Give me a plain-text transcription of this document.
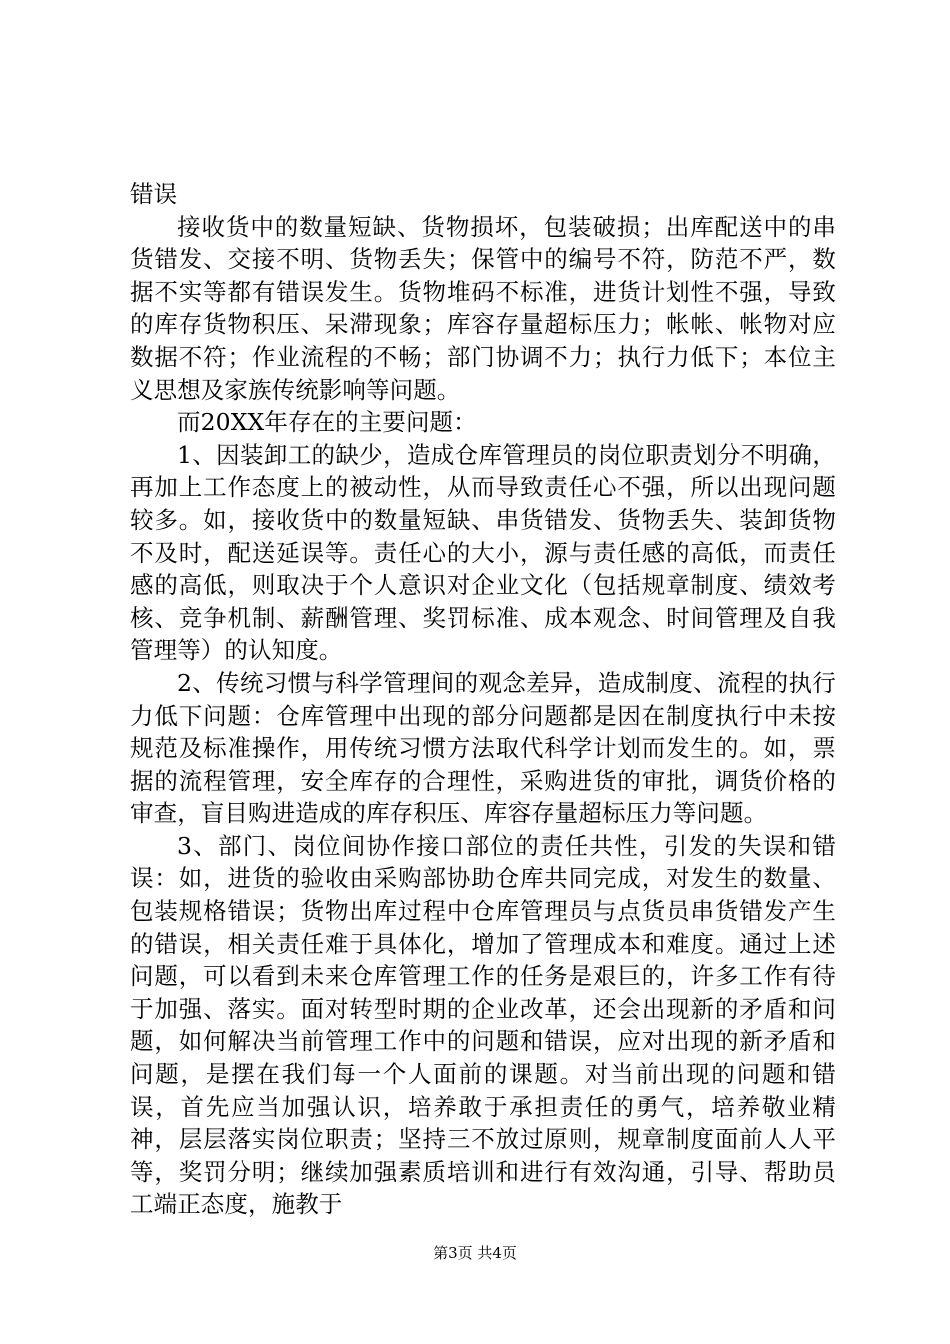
错误

接收货中的数量短缺、货物损坏，包装破损；出库配送中的串货错发、交接不明、货物丢失；保管中的编号不符，防范不严，数据不实等都有错误发生。货物堆码不标准，进货计划性不强，导致的库存货物积压、呆滞现象；库容存量超标压力；帐帐、帐物对应数据不符；作业流程的不畅；部门协调不力；执行力低下；本位主义思想及家族传统影响等问题。

而20XX年存在的主要问题：

1、因装卸工的缺少，造成仓库管理员的岗位职责划分不明确，再加上工作态度上的被动性，从而导致责任心不强，所以出现问题较多。如，接收货中的数量短缺、串货错发、货物丢失、装卸货物不及时，配送延误等。责任心的大小，源与责任感的高低，而责任感的高低，则取决于个人意识对企业文化（包括规章制度、绩效考核、竞争机制、薪酬管理、奖罚标准、成本观念、时间管理及自我管理等）的认知度。

2、传统习惯与科学管理间的观念差异，造成制度、流程的执行力低下问题：仓库管理中出现的部分问题都是因在制度执行中未按规范及标准操作，用传统习惯方法取代科学计划而发生的。如，票据的流程管理，安全库存的合理性，采购进货的审批，调货价格的审查，盲目购进造成的库存积压、库容存量超标压力等问题。

3、部门、岗位间协作接口部位的责任共性，引发的失误和错误：如，进货的验收由采购部协助仓库共同完成，对发生的数量、包装规格错误；货物出库过程中仓库管理员与点货员串货错发产生的错误，相关责任难于具体化，增加了管理成本和难度。通过上述问题，可以看到未来仓库管理工作的任务是艰巨的，许多工作有待于加强、落实。面对转型时期的企业改革，还会出现新的矛盾和问题，如何解决当前管理工作中的问题和错误，应对出现的新矛盾和问题，是摆在我们每一个人面前的课题。对当前出现的问题和错误，首先应当加强认识，培养敢于承担责任的勇气，培养敬业精神，层层落实岗位职责；坚持三不放过原则，规章制度面前人人平等，奖罚分明；继续加强素质培训和进行有效沟通，引导、帮助员工端正态度，施教于

第3页 共4页
